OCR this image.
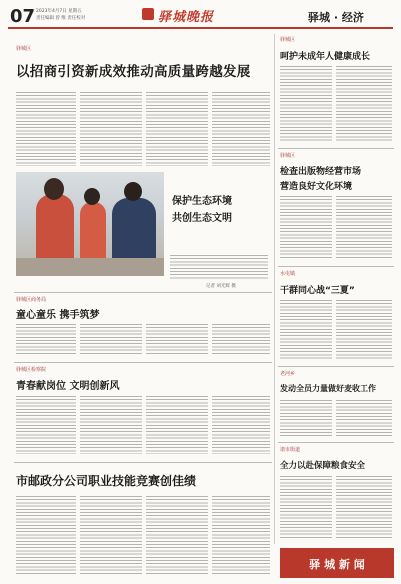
07 2023年4月7日 星期五
责任编辑 曾 维 责任校对	驿城晚报	驿城 · 经济
驿城区
以招商引资新成效推动高质量跨越发展
保护生态环境
共创生态文明
记者 刘光辉 摄
驿城区商务局
童心童乐 携手筑梦
驿城区检察院
青春献岗位 文明创新风
市邮政分公司职业技能竞赛创佳绩
驿城区
呵护未成年人健康成长
驿城区
检查出版物经营市场
营造良好文化环境
水屯镇
干群同心战“三夏”
老河乡
发动全员力量做好麦收工作
诸市街道
全力以赴保障粮食安全
驿 城 新 闻
